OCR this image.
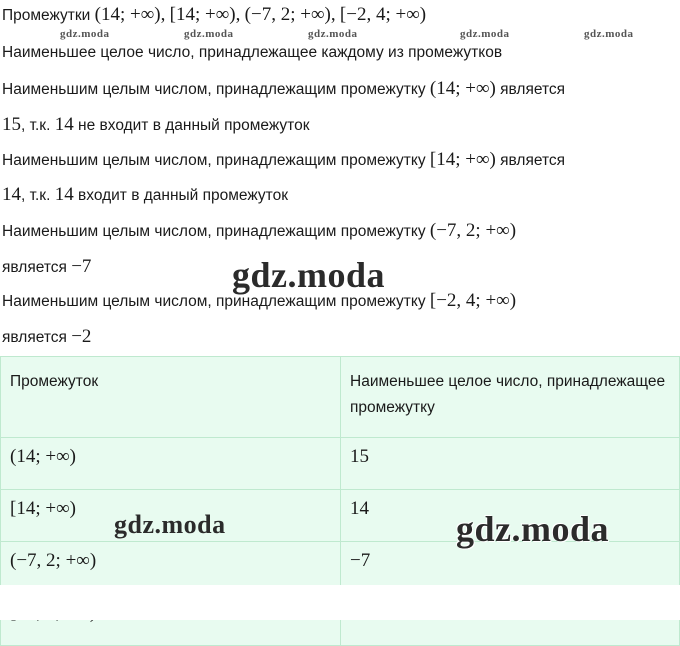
Промежутки (14; +∞), [14; +∞), (−7, 2; +∞), [−2, 4; +∞)
gdz.moda	gdz.moda	gdz.moda	gdz.moda	gdz.moda
Наименьшее целое число, принадлежащее каждому из промежутков
Наименьшим целым числом, принадлежащим промежутку (14; +∞) является
15, т.к. 14 не входит в данный промежуток
Наименьшим целым числом, принадлежащим промежутку [14; +∞) является
14, т.к. 14 входит в данный промежуток
Наименьшим целым числом, принадлежащим промежутку (−7, 2; +∞)
является −7	gdz.moda
Наименьшим целым числом, принадлежащим промежутку [−2, 4; +∞)
является −2
Промежуток	Наименьшее целое число, принадлежащее промежутку
(14; +∞)	15
[14; +∞)	14
(−7, 2; +∞)	−7

gdz.moda	gdz.moda
